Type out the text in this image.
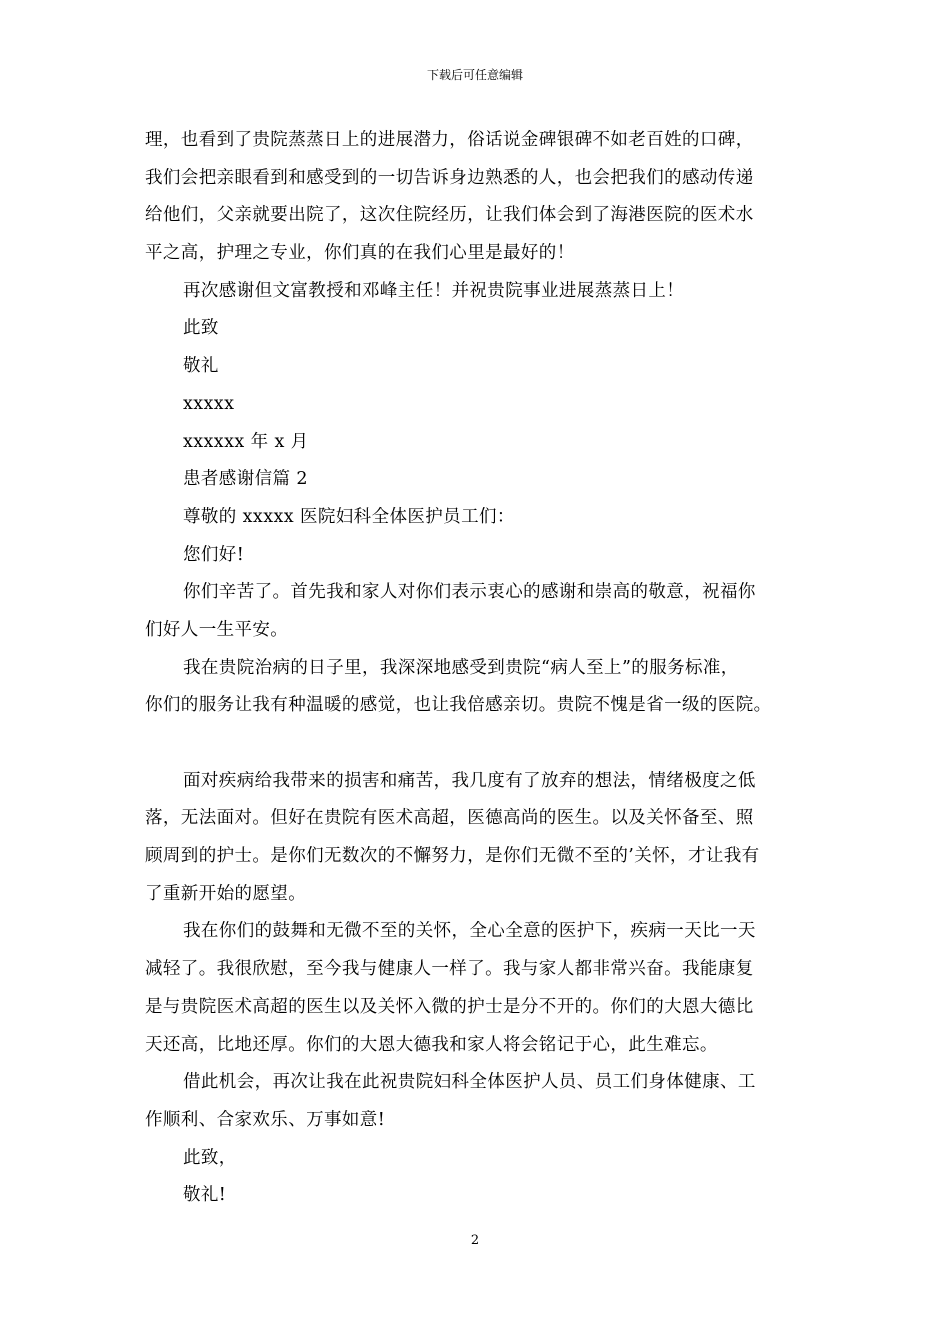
下载后可任意编辑
理，也看到了贵院蒸蒸日上的进展潜力，俗话说金碑银碑不如老百姓的口碑，
我们会把亲眼看到和感受到的一切告诉身边熟悉的人，也会把我们的感动传递
给他们，父亲就要出院了，这次住院经历，让我们体会到了海港医院的医术水
平之高，护理之专业，你们真的在我们心里是最好的！
再次感谢但文富教授和邓峰主任！并祝贵院事业进展蒸蒸日上！
此致
敬礼
xxxxx
xxxxxx 年 x 月
患者感谢信篇 2
尊敬的 xxxxx 医院妇科全体医护员工们：
您们好!
你们辛苦了。首先我和家人对你们表示衷心的感谢和崇高的敬意，祝福你
们好人一生平安。
我在贵院治病的日子里，我深深地感受到贵院“病人至上”的服务标准，
你们的服务让我有种温暖的感觉，也让我倍感亲切。贵院不愧是省一级的医院。
面对疾病给我带来的损害和痛苦，我几度有了放弃的想法，情绪极度之低
落，无法面对。但好在贵院有医术高超，医德高尚的医生。以及关怀备至、照
顾周到的护士。是你们无数次的不懈努力，是你们无微不至的’关怀，才让我有
了重新开始的愿望。
我在你们的鼓舞和无微不至的关怀，全心全意的医护下，疾病一天比一天
减轻了。我很欣慰，至今我与健康人一样了。我与家人都非常兴奋。我能康复
是与贵院医术高超的医生以及关怀入微的护士是分不开的。你们的大恩大德比
天还高，比地还厚。你们的大恩大德我和家人将会铭记于心，此生难忘。
借此机会，再次让我在此祝贵院妇科全体医护人员、员工们身体健康、工
作顺利、合家欢乐、万事如意!
此致，
敬礼!
2
